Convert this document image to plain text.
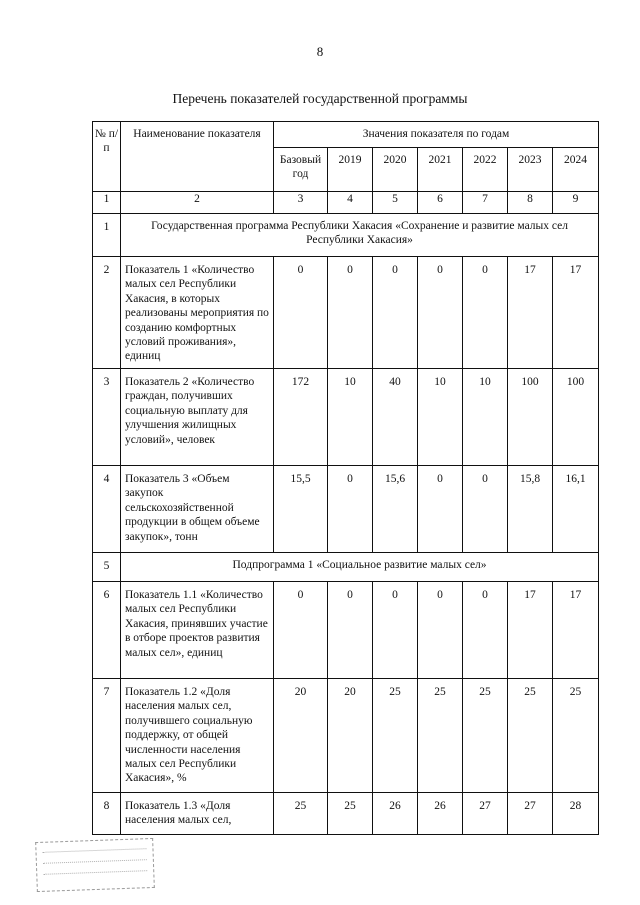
8
Перечень показателей государственной программы
№ п/п	Наименование показателя	Значения показателя по годам						
		Базовый год	2019	2020	2021	2022	2023	2024
1	2	3	4	5	6	7	8	9
1	Государственная программа Республики Хакасия «Сохранение и развитие малых сел Республики Хакасия»							
2	Показатель 1 «Количество малых сел Республики Хакасия, в которых реализованы мероприятия по созданию комфортных условий проживания», единиц	0	0	0	0	0	17	17
3	Показатель 2 «Количество граждан, получивших социальную выплату для улучшения жилищных условий», человек	172	10	40	10	10	100	100
4	Показатель 3 «Объем закупок сельскохозяйственной продукции в общем объеме закупок», тонн	15,5	0	15,6	0	0	15,8	16,1
5	Подпрограмма 1 «Социальное развитие малых сел»							
6	Показатель 1.1 «Количество малых сел Республики Хакасия, принявших участие в отборе проектов развития малых сел», единиц	0	0	0	0	0	17	17
7	Показатель 1.2 «Доля населения малых сел, получившего социальную поддержку, от общей численности населения малых сел Республики Хакасия», %	20	20	25	25	25	25	25
8	Показатель 1.3 «Доля населения малых сел,	25	25	26	26	27	27	28
